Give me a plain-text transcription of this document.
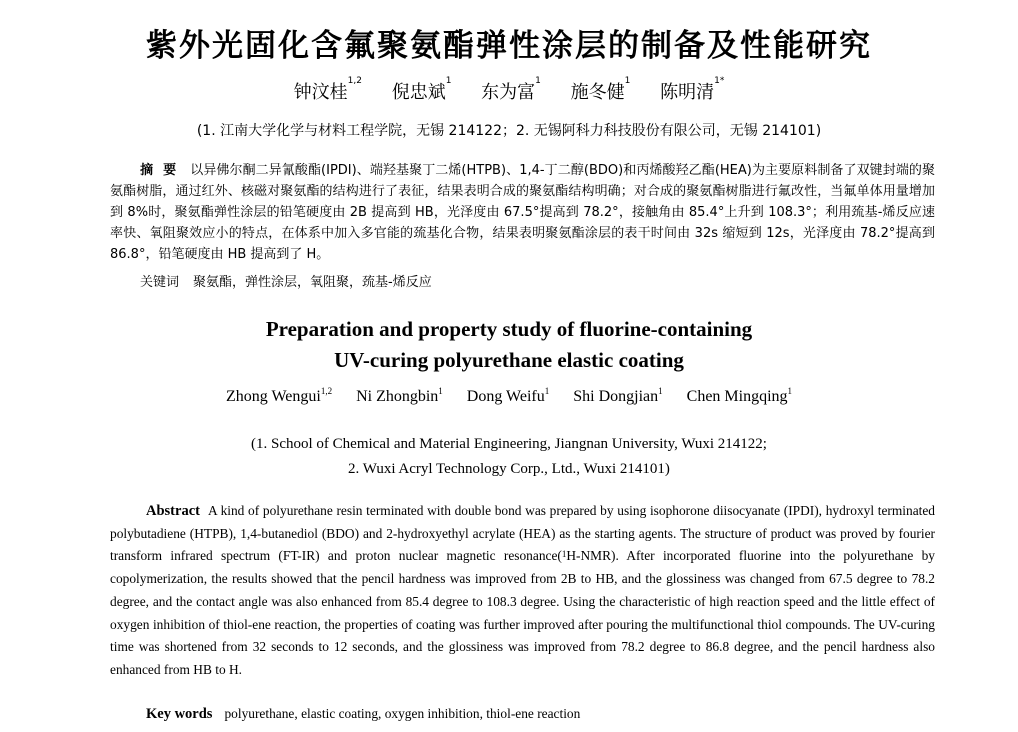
紫外光固化含氟聚氨酯弹性涂层的制备及性能研究
钟汶桂$^{1,2}$ 倪忠斌$^1$ 东为富$^1$ 施冬健$^1$ 陈明清$^{1*}$
(1. 江南大学化学与材料工程学院，无锡 214122；2. 无锡阿科力科技股份有限公司，无锡 214101)
摘要 以异佛尔酮二异氰酸酯(IPDI)、端羟基聚丁二烯(HTPB)、1,4-丁二醇(BDO)和丙烯酸羟乙酯(HEA)为主要原料制备了双键封端的聚氨酯树脂，通过红外、核磁对聚氨酯的结构进行了表征，结果表明合成的聚氨酯结构明确；对合成的聚氨酯树脂进行氟改性，当氟单体用量增加到 8%时，聚氨酯弹性涂层的铅笔硬度由 2B 提高到 HB，光泽度由 67.5°提高到 78.2°，接触角由 85.4°上升到 108.3°；利用巯基-烯反应速率快、氧阻聚效应小的特点，在体系中加入多官能的巯基化合物，结果表明聚氨酯涂层的表干时间由 32s 缩短到 12s，光泽度由 78.2°提高到 86.8°，铅笔硬度由 HB 提高到了 H。
关键词 聚氨酯，弹性涂层，氧阻聚，巯基-烯反应
Preparation and property study of fluorine-containing
UV-curing polyurethane elastic coating
Zhong Wengui$^{1,2}$ Ni Zhongbin$^1$ Dong Weifu$^1$ Shi Dongjian$^1$ Chen Mingqing$^1$
(1. School of Chemical and Material Engineering, Jiangnan University, Wuxi 214122;
2. Wuxi Acryl Technology Corp., Ltd., Wuxi 214101)
Abstract A kind of polyurethane resin terminated with double bond was prepared by using isophorone diisocyanate (IPDI), hydroxyl terminated polybutadiene (HTPB), 1,4-butanediol (BDO) and 2-hydroxyethyl acrylate (HEA) as the starting agents. The structure of product was proved by fourier transform infrared spectrum (FT-IR) and proton nuclear magnetic resonance($^1$H-NMR). After incorporated fluorine into the polyurethane by copolymerization, the results showed that the pencil hardness was improved from 2B to HB, and the glossiness was changed from 67.5 degree to 78.2 degree, and the contact angle was also enhanced from 85.4 degree to 108.3 degree. Using the characteristic of high reaction speed and the little effect of oxygen inhibition of thiol-ene reaction, the properties of coating was further improved after pouring the multifunctional thiol compounds. The UV-curing time was shortened from 32 seconds to 12 seconds, and the glossiness was improved from 78.2 degree to 86.8 degree, and the pencil hardness also enhanced from HB to H.
Key words polyurethane, elastic coating, oxygen inhibition, thiol-ene reaction
